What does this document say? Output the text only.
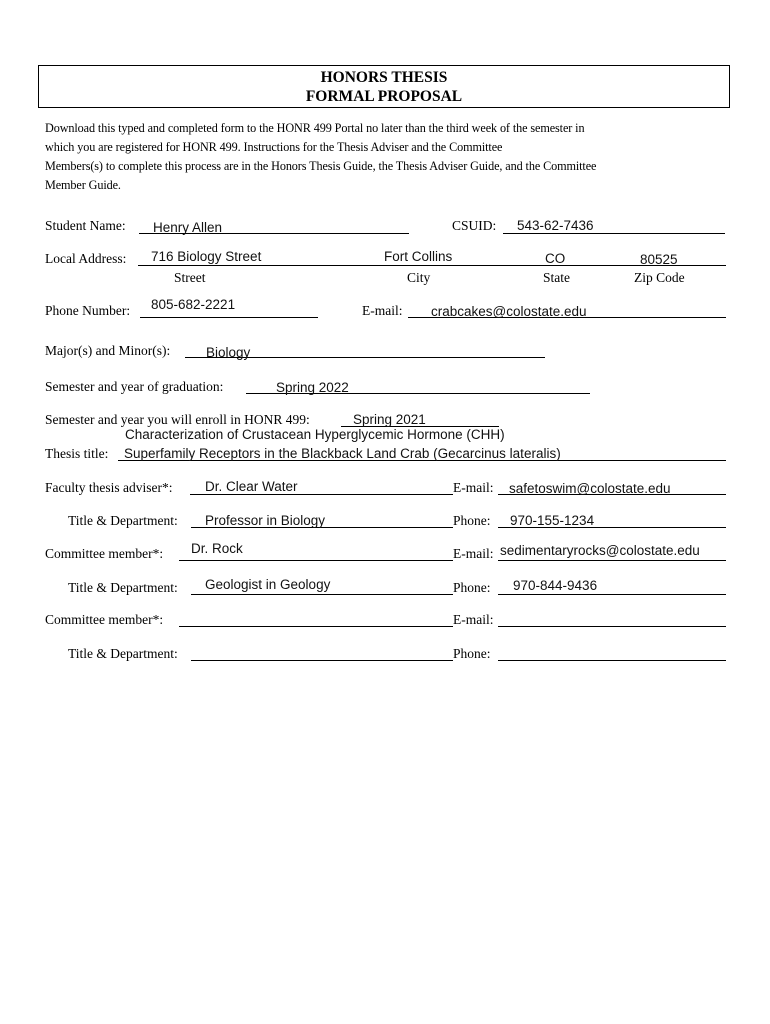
HONORS THESIS
FORMAL PROPOSAL
Download this typed and completed form to the HONR 499 Portal no later than the third week of the semester in
which you are registered for HONR 499. Instructions for the Thesis Adviser and the Committee
Members(s) to complete this process are in the Honors Thesis Guide, the Thesis Adviser Guide, and the Committee
Member Guide.
Student Name: Henry Allen	CSUID: 543-62-7436
Local Address: 716 Biology Street	Fort Collins	CO	80525
Street	City	State	Zip Code
Phone Number: 805-682-2221	E-mail: crabcakes@colostate.edu
Major(s) and Minor(s):	Biology
Semester and year of graduation:	Spring 2022
Semester and year you will enroll in HONR 499:	Spring 2021
Characterization of Crustacean Hyperglycemic Hormone (CHH)
Thesis title: Superfamily Receptors in the Blackback Land Crab (Gecarcinus lateralis)
Faculty thesis adviser*: Dr. Clear Water	E-mail: safetoswim@colostate.edu
Title & Department: Professor in Biology	Phone: 970-155-1234
Committee member*: Dr. Rock	E-mail: sedimentaryrocks@colostate.edu
Title & Department: Geologist in Geology	Phone: 970-844-9436
Committee member*:	E-mail:
Title & Department:	Phone:
